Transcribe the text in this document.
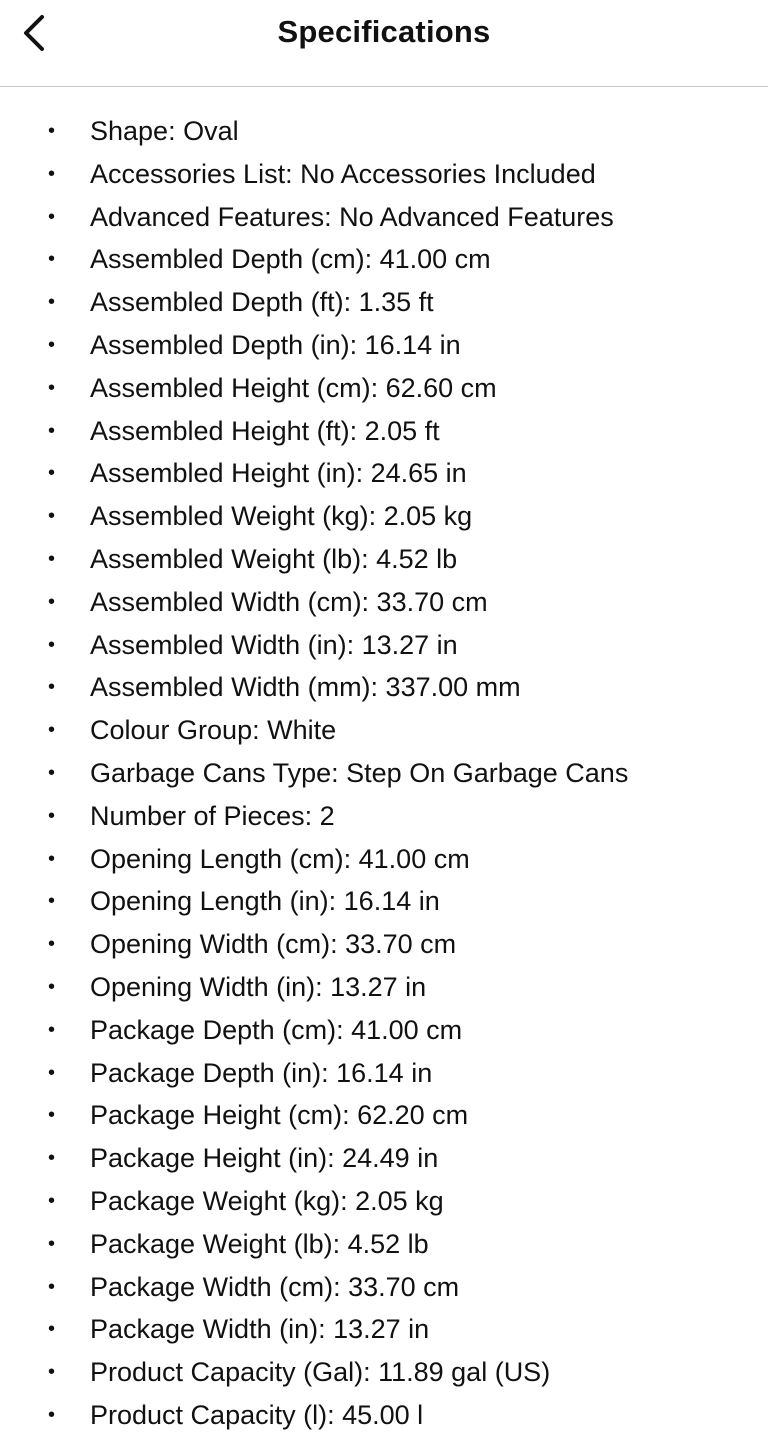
Specifications
• Shape: Oval
• Accessories List: No Accessories Included
• Advanced Features: No Advanced Features
• Assembled Depth (cm): 41.00 cm
• Assembled Depth (ft): 1.35 ft
• Assembled Depth (in): 16.14 in
• Assembled Height (cm): 62.60 cm
• Assembled Height (ft): 2.05 ft
• Assembled Height (in): 24.65 in
• Assembled Weight (kg): 2.05 kg
• Assembled Weight (lb): 4.52 lb
• Assembled Width (cm): 33.70 cm
• Assembled Width (in): 13.27 in
• Assembled Width (mm): 337.00 mm
• Colour Group: White
• Garbage Cans Type: Step On Garbage Cans
• Number of Pieces: 2
• Opening Length (cm): 41.00 cm
• Opening Length (in): 16.14 in
• Opening Width (cm): 33.70 cm
• Opening Width (in): 13.27 in
• Package Depth (cm): 41.00 cm
• Package Depth (in): 16.14 in
• Package Height (cm): 62.20 cm
• Package Height (in): 24.49 in
• Package Weight (kg): 2.05 kg
• Package Weight (lb): 4.52 lb
• Package Width (cm): 33.70 cm
• Package Width (in): 13.27 in
• Product Capacity (Gal): 11.89 gal (US)
• Product Capacity (l): 45.00 l
